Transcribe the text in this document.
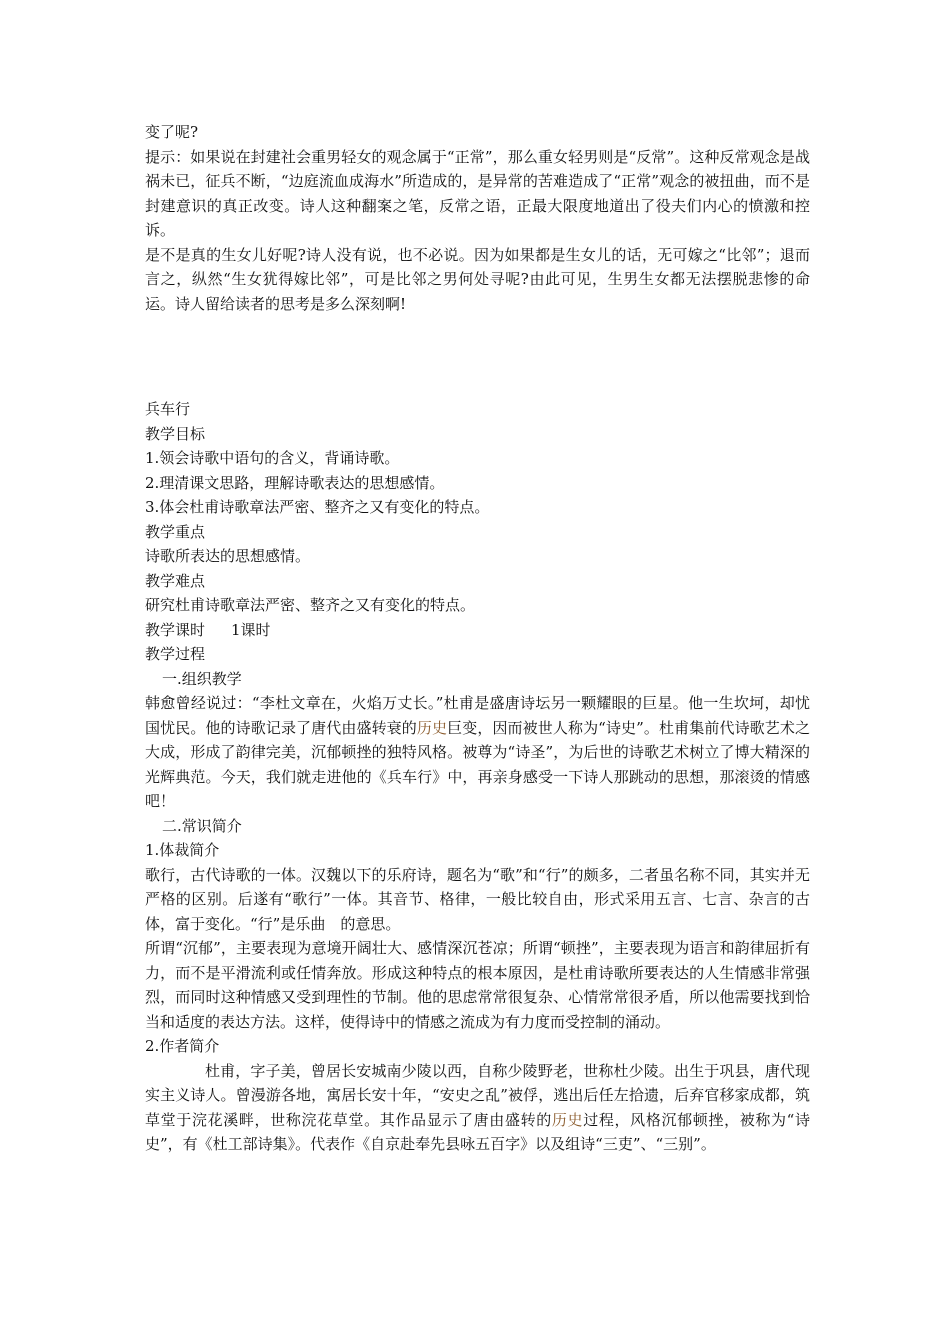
变了呢?

提示：如果说在封建社会重男轻女的观念属于“正常”，那么重女轻男则是“反常”。这种反常观念是战祸未已，征兵不断，“边庭流血成海水”所造成的，是异常的苦难造成了“正常”观念的被扭曲，而不是封建意识的真正改变。诗人这种翻案之笔，反常之语，正最大限度地道出了役夫们内心的愤激和控诉。

是不是真的生女儿好呢?诗人没有说，也不必说。因为如果都是生女儿的话，无可嫁之“比邻”；退而言之，纵然“生女犹得嫁比邻”，可是比邻之男何处寻呢?由此可见，生男生女都无法摆脱悲惨的命运。诗人留给读者的思考是多么深刻啊!

兵车行

教学目标

1.领会诗歌中语句的含义，背诵诗歌。

2.理清课文思路，理解诗歌表达的思想感情。

3.体会杜甫诗歌章法严密、整齐之又有变化的特点。

教学重点

诗歌所表达的思想感情。

教学难点

研究杜甫诗歌章法严密、整齐之又有变化的特点。

教学课时 1课时

教学过程

一.组织教学

韩愈曾经说过：“李杜文章在，火焰万丈长。”杜甫是盛唐诗坛另一颗耀眼的巨星。他一生坎坷，却忧国忧民。他的诗歌记录了唐代由盛转衰的历史巨变，因而被世人称为“诗史”。杜甫集前代诗歌艺术之大成，形成了韵律完美，沉郁顿挫的独特风格。被尊为“诗圣”，为后世的诗歌艺术树立了博大精深的光辉典范。今天，我们就走进他的《兵车行》中，再亲身感受一下诗人那跳动的思想，那滚烫的情感吧！

二.常识简介

1.体裁简介

歌行，古代诗歌的一体。汉魏以下的乐府诗，题名为“歌”和“行”的颇多，二者虽名称不同，其实并无严格的区别。后遂有“歌行”一体。其音节、格律，一般比较自由，形式采用五言、七言、杂言的古体，富于变化。“行”是乐曲　的意思。

所谓“沉郁”，主要表现为意境开阔壮大、感情深沉苍凉；所谓“顿挫”，主要表现为语言和韵律屈折有力，而不是平滑流利或任情奔放。形成这种特点的根本原因，是杜甫诗歌所要表达的人生情感非常强烈，而同时这种情感又受到理性的节制。他的思虑常常很复杂、心情常常很矛盾，所以他需要找到恰当和适度的表达方法。这样，使得诗中的情感之流成为有力度而受控制的涌动。

2.作者简介

杜甫，字子美，曾居长安城南少陵以西，自称少陵野老，世称杜少陵。出生于巩县，唐代现实主义诗人。曾漫游各地，寓居长安十年，“安史之乱”被俘，逃出后任左拾遗，后弃官移家成都，筑草堂于浣花溪畔，世称浣花草堂。其作品显示了唐由盛转的历史过程，风格沉郁顿挫，被称为“诗史”，有《杜工部诗集》。代表作《自京赴奉先县咏五百字》以及组诗“三吏”、“三别”。
